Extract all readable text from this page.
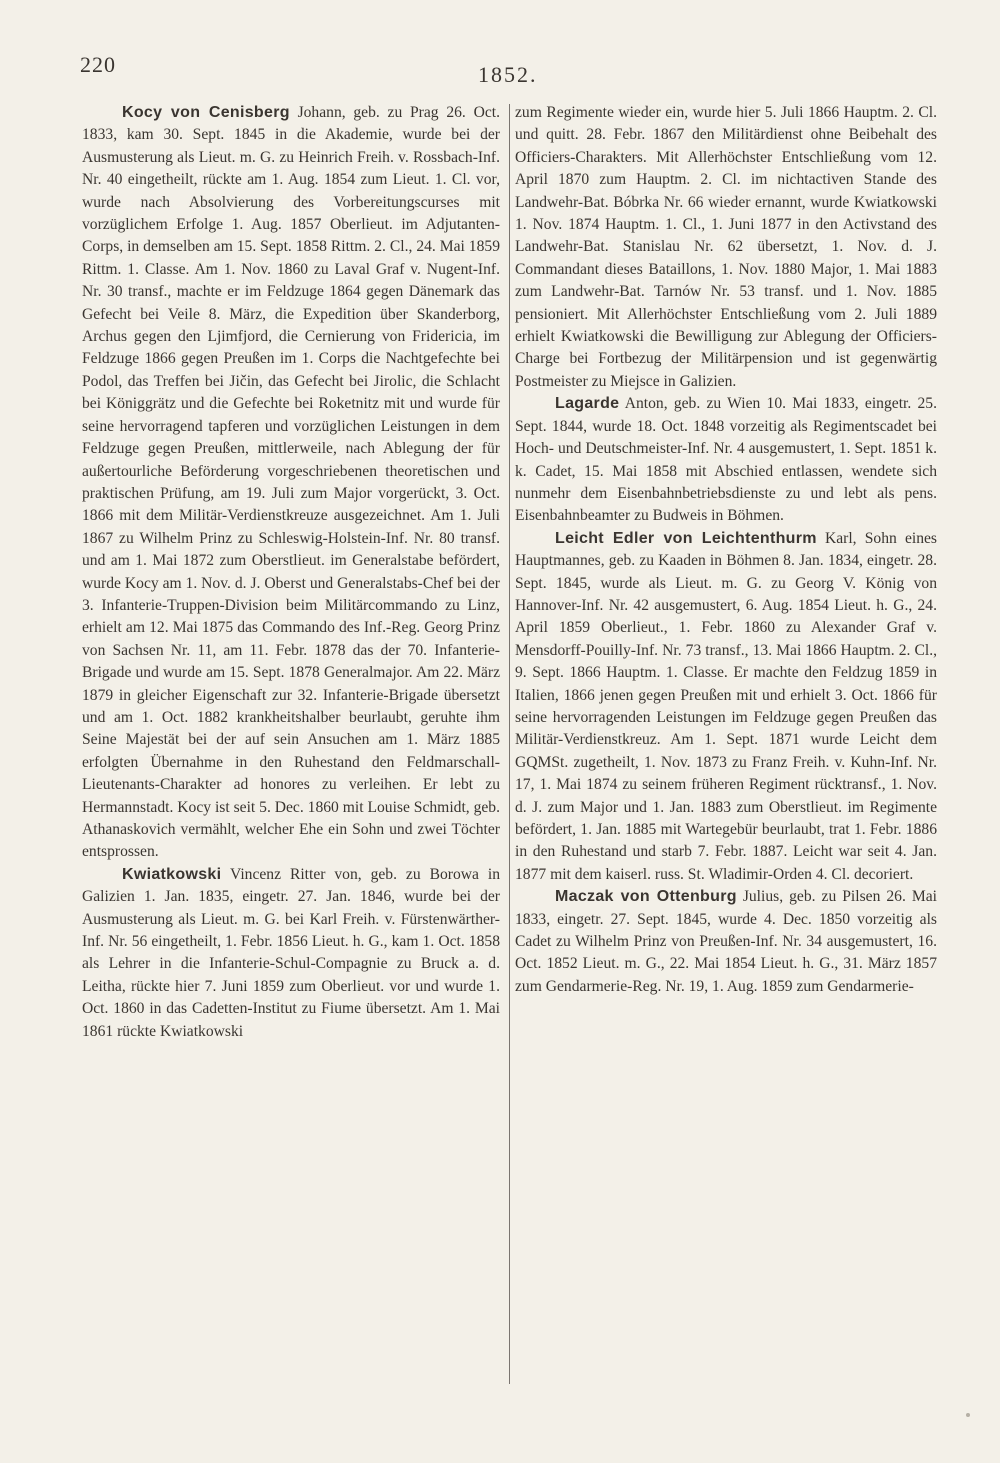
220	1852.

Kocy von Cenisberg Johann, geb. zu Prag 26. Oct. 1833, kam 30. Sept. 1845 in die Akademie, wurde bei der Ausmusterung als Lieut. m. G. zu Heinrich Freih. v. Rossbach-Inf. Nr. 40 eingetheilt, rückte am 1. Aug. 1854 zum Lieut. 1. Cl. vor, wurde nach Absolvierung des Vorbereitungscurses mit vorzüglichem Erfolge 1. Aug. 1857 Oberlieut. im Adjutanten-Corps, in demselben am 15. Sept. 1858 Rittm. 2. Cl., 24. Mai 1859 Rittm. 1. Classe. Am 1. Nov. 1860 zu Laval Graf v. Nugent-Inf. Nr. 30 transf., machte er im Feldzuge 1864 gegen Dänemark das Gefecht bei Veile 8. März, die Expedition über Skanderborg, Archus gegen den Ljimfjord, die Cernierung von Fridericia, im Feldzuge 1866 gegen Preußen im 1. Corps die Nachtgefechte bei Podol, das Treffen bei Jičin, das Gefecht bei Jirolic, die Schlacht bei Königgrätz und die Gefechte bei Roketnitz mit und wurde für seine hervorragend tapferen und vorzüglichen Leistungen in dem Feldzuge gegen Preußen, mittlerweile, nach Ablegung der für außertourliche Beförderung vorgeschriebenen theoretischen und praktischen Prüfung, am 19. Juli zum Major vorgerückt, 3. Oct. 1866 mit dem Militär-Verdienstkreuze ausgezeichnet. Am 1. Juli 1867 zu Wilhelm Prinz zu Schleswig-Holstein-Inf. Nr. 80 transf. und am 1. Mai 1872 zum Oberstlieut. im Generalstabe befördert, wurde Kocy am 1. Nov. d. J. Oberst und Generalstabs-Chef bei der 3. Infanterie-Truppen-Division beim Militärcommando zu Linz, erhielt am 12. Mai 1875 das Commando des Inf.-Reg. Georg Prinz von Sachsen Nr. 11, am 11. Febr. 1878 das der 70. Infanterie-Brigade und wurde am 15. Sept. 1878 Generalmajor. Am 22. März 1879 in gleicher Eigenschaft zur 32. Infanterie-Brigade übersetzt und am 1. Oct. 1882 krankheitshalber beurlaubt, geruhte ihm Seine Majestät bei der auf sein Ansuchen am 1. März 1885 erfolgten Übernahme in den Ruhestand den Feldmarschall-Lieutenants-Charakter ad honores zu verleihen. Er lebt zu Hermannstadt. Kocy ist seit 5. Dec. 1860 mit Louise Schmidt, geb. Athanaskovich vermählt, welcher Ehe ein Sohn und zwei Töchter entsprossen.

Kwiatkowski Vincenz Ritter von, geb. zu Borowa in Galizien 1. Jan. 1835, eingetr. 27. Jan. 1846, wurde bei der Ausmusterung als Lieut. m. G. bei Karl Freih. v. Fürstenwärther-Inf. Nr. 56 eingetheilt, 1. Febr. 1856 Lieut. h. G., kam 1. Oct. 1858 als Lehrer in die Infanterie-Schul-Compagnie zu Bruck a. d. Leitha, rückte hier 7. Juni 1859 zum Oberlieut. vor und wurde 1. Oct. 1860 in das Cadetten-Institut zu Fiume übersetzt. Am 1. Mai 1861 rückte Kwiatkowski

zum Regimente wieder ein, wurde hier 5. Juli 1866 Hauptm. 2. Cl. und quitt. 28. Febr. 1867 den Militärdienst ohne Beibehalt des Officiers-Charakters. Mit Allerhöchster Entschließung vom 12. April 1870 zum Hauptm. 2. Cl. im nichtactiven Stande des Landwehr-Bat. Bóbrka Nr. 66 wieder ernannt, wurde Kwiatkowski 1. Nov. 1874 Hauptm. 1. Cl., 1. Juni 1877 in den Activstand des Landwehr-Bat. Stanislau Nr. 62 übersetzt, 1. Nov. d. J. Commandant dieses Bataillons, 1. Nov. 1880 Major, 1. Mai 1883 zum Landwehr-Bat. Tarnów Nr. 53 transf. und 1. Nov. 1885 pensioniert. Mit Allerhöchster Entschließung vom 2. Juli 1889 erhielt Kwiatkowski die Bewilligung zur Ablegung der Officiers-Charge bei Fortbezug der Militärpension und ist gegenwärtig Postmeister zu Miejsce in Galizien.

Lagarde Anton, geb. zu Wien 10. Mai 1833, eingetr. 25. Sept. 1844, wurde 18. Oct. 1848 vorzeitig als Regimentscadet bei Hoch- und Deutschmeister-Inf. Nr. 4 ausgemustert, 1. Sept. 1851 k. k. Cadet, 15. Mai 1858 mit Abschied entlassen, wendete sich nunmehr dem Eisenbahnbetriebsdienste zu und lebt als pens. Eisenbahnbeamter zu Budweis in Böhmen.

Leicht Edler von Leichtenthurm Karl, Sohn eines Hauptmannes, geb. zu Kaaden in Böhmen 8. Jan. 1834, eingetr. 28. Sept. 1845, wurde als Lieut. m. G. zu Georg V. König von Hannover-Inf. Nr. 42 ausgemustert, 6. Aug. 1854 Lieut. h. G., 24. April 1859 Oberlieut., 1. Febr. 1860 zu Alexander Graf v. Mensdorff-Pouilly-Inf. Nr. 73 transf., 13. Mai 1866 Hauptm. 2. Cl., 9. Sept. 1866 Hauptm. 1. Classe. Er machte den Feldzug 1859 in Italien, 1866 jenen gegen Preußen mit und erhielt 3. Oct. 1866 für seine hervorragenden Leistungen im Feldzuge gegen Preußen das Militär-Verdienstkreuz. Am 1. Sept. 1871 wurde Leicht dem GQMSt. zugetheilt, 1. Nov. 1873 zu Franz Freih. v. Kuhn-Inf. Nr. 17, 1. Mai 1874 zu seinem früheren Regiment rücktransf., 1. Nov. d. J. zum Major und 1. Jan. 1883 zum Oberstlieut. im Regimente befördert, 1. Jan. 1885 mit Wartegebür beurlaubt, trat 1. Febr. 1886 in den Ruhestand und starb 7. Febr. 1887. Leicht war seit 4. Jan. 1877 mit dem kaiserl. russ. St. Wladimir-Orden 4. Cl. decoriert.

Maczak von Ottenburg Julius, geb. zu Pilsen 26. Mai 1833, eingetr. 27. Sept. 1845, wurde 4. Dec. 1850 vorzeitig als Cadet zu Wilhelm Prinz von Preußen-Inf. Nr. 34 ausgemustert, 16. Oct. 1852 Lieut. m. G., 22. Mai 1854 Lieut. h. G., 31. März 1857 zum Gendarmerie-Reg. Nr. 19, 1. Aug. 1859 zum Gendarmerie-
